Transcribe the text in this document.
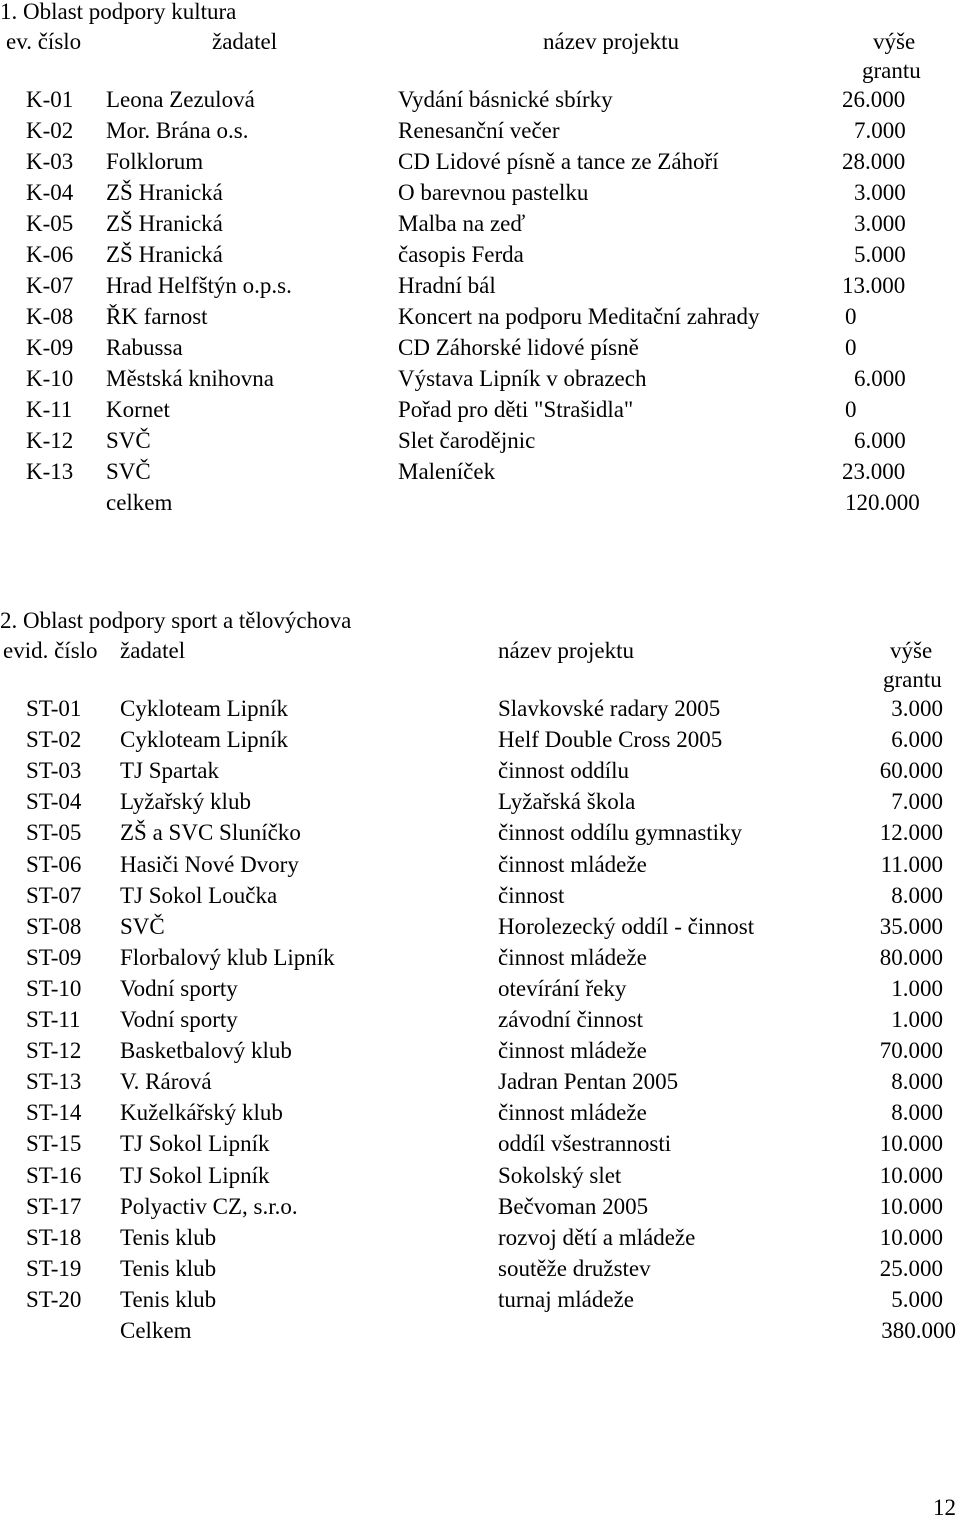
1. Oblast podpory kultura
ev. číslo	žadatel	název projektu	výše
grantu
K-01 Leona Zezulová	Vydání básnické sbírky	26.000
K-02 Mor. Brána o.s.	Renesanční večer	7.000
K-03 Folklorum	CD Lidové písně a tance ze Záhoří	28.000
K-04 ZŠ Hranická	O barevnou pastelku	3.000
K-05 ZŠ Hranická	Malba na zeď	3.000
K-06 ZŠ Hranická	časopis Ferda	5.000
K-07 Hrad Helfštýn o.p.s.	Hradní bál	13.000
K-08 ŘK farnost	Koncert na podporu Meditační zahrady	0
K-09 Rabussa	CD Záhorské lidové písně	0
K-10 Městská knihovna	Výstava Lipník v obrazech	6.000
K-11 Kornet	Pořad pro děti "Strašidla"	0
K-12 SVČ	Slet čarodějnic	6.000
K-13 SVČ	Maleníček	23.000
celkem	120.000
2. Oblast podpory sport a tělovýchova
evid. číslo žadatel	název projektu	výše
grantu
ST-01 Cykloteam Lipník	Slavkovské radary 2005	3.000
ST-02 Cykloteam Lipník	Helf Double Cross 2005	6.000
ST-03 TJ Spartak	činnost oddílu	60.000
ST-04 Lyžařský klub	Lyžařská škola	7.000
ST-05 ZŠ a SVC Sluníčko	činnost oddílu gymnastiky	12.000
ST-06 Hasiči Nové Dvory	činnost mládeže	11.000
ST-07 TJ Sokol Loučka	činnost	8.000
ST-08 SVČ	Horolezecký oddíl - činnost	35.000
ST-09 Florbalový klub Lipník	činnost mládeže	80.000
ST-10 Vodní sporty	otevírání řeky	1.000
ST-11 Vodní sporty	závodní činnost	1.000
ST-12 Basketbalový klub	činnost mládeže	70.000
ST-13 V. Rárová	Jadran Pentan 2005	8.000
ST-14 Kuželkářský klub	činnost mládeže	8.000
ST-15 TJ Sokol Lipník	oddíl všestrannosti	10.000
ST-16 TJ Sokol Lipník	Sokolský slet	10.000
ST-17 Polyactiv CZ, s.r.o.	Bečvoman 2005	10.000
ST-18 Tenis klub	rozvoj dětí a mládeže	10.000
ST-19 Tenis klub	soutěže družstev	25.000
ST-20 Tenis klub	turnaj mládeže	5.000
Celkem	380.000
12
